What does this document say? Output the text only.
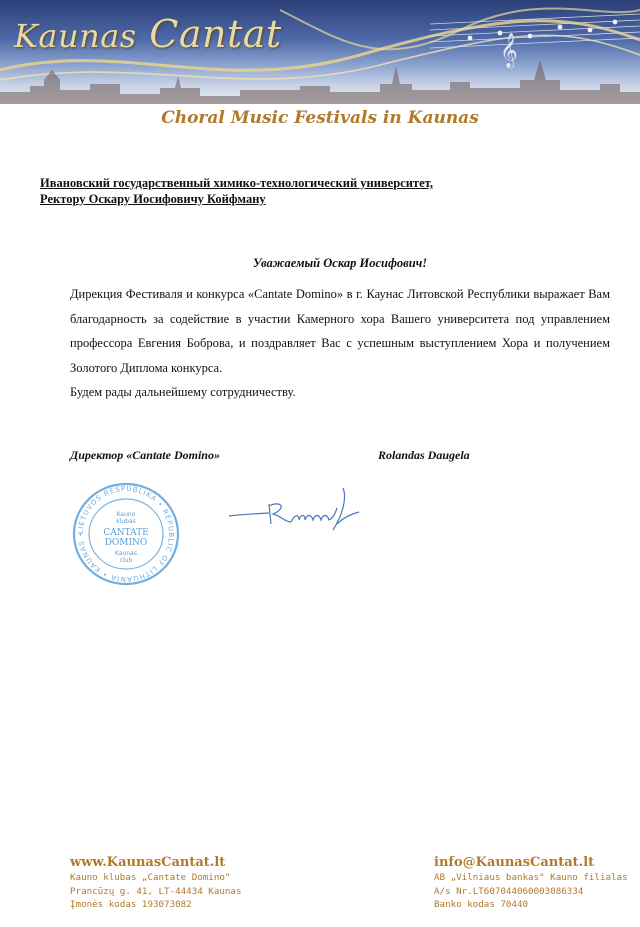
𝄞
Kaunas Cantat
Choral Music Festivals in Kaunas
Ивановский государственный химико-технологический университет,
Ректору Оскару Иосифовичу Койфману
Уважаемый Оскар Иосифович!

Дирекция Фестиваля и конкурса «Cantate Domino» в г. Каунас Литовской Республики выражает Вам благодарность за содействие в участии Камерного хора Вашего университета под управлением профессора Евгения Боброва, и поздравляет Вас с успешным выступлением Хора и получением Золотого Диплома конкурса.

Будем рады дальнейшему сотрудничеству.

Директор «Cantate Domino»	Rolandas Daugela
LIETUVOS RESPUBLIKA • REPUBLIC OF LITHUANIA • KAUNAS •
Kauno
klubas
CANTATE
DOMINO
Kaunas
club
www.KaunasCantat.lt
Kauno klubas „Cantate Domino"
Prancūzų g. 41, LT-44434 Kaunas
Įmonės kodas 193073082
info@KaunasCantat.lt
AB „Vilniaus bankas" Kauno filialas
A/s Nr.LT607044060003086334
Banko kodas 70440
